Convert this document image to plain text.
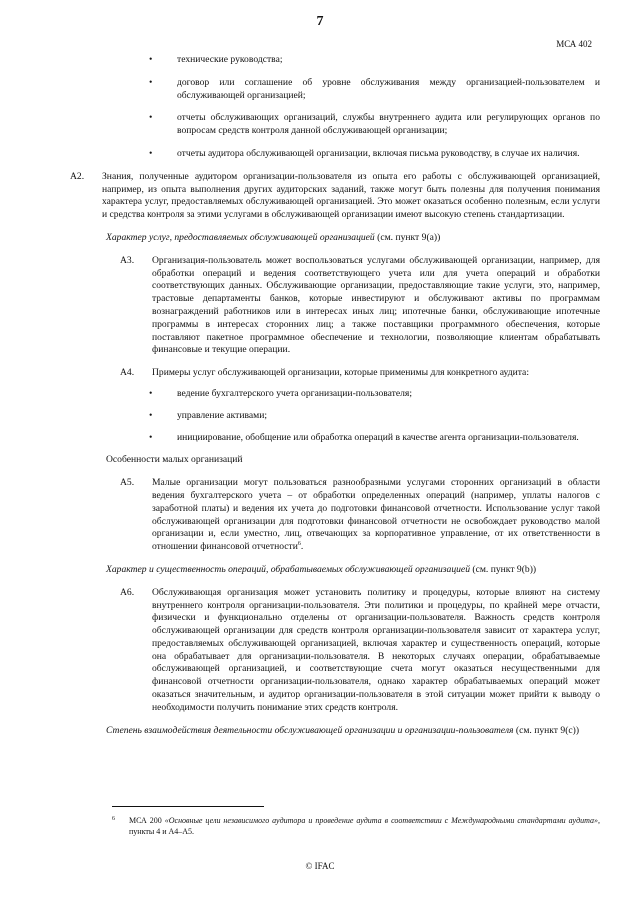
7
МСА 402
•	технические руководства;
•	договор или соглашение об уровне обслуживания между организацией-пользователем и обслуживающей организацией;
•	отчеты обслуживающих организаций, службы внутреннего аудита или регулирующих органов по вопросам средств контроля данной обслуживающей организации;
•	отчеты аудитора обслуживающей организации, включая письма руководству, в случае их наличия.
A2.	Знания, полученные аудитором организации-пользователя из опыта его работы с обслуживающей организацией, например, из опыта выполнения других аудиторских заданий, также могут быть полезны для получения понимания характера услуг, предоставляемых обслуживающей организацией. Это может оказаться особенно полезным, если услуги и средства контроля за этими услугами в обслуживающей организации имеют высокую степень стандартизации.
Характер услуг, предоставляемых обслуживающей организацией (см. пункт 9(a))
A3.	Организация-пользователь может воспользоваться услугами обслуживающей организации, например, для обработки операций и ведения соответствующего учета или для учета операций и обработки соответствующих данных. Обслуживающие организации, предоставляющие такие услуги, это, например, трастовые департаменты банков, которые инвестируют и обслуживают активы по программам вознаграждений работников или в интересах иных лиц; ипотечные банки, обслуживающие ипотечные программы в интересах сторонних лиц; а также поставщики программного обеспечения, которые поставляют пакетное программное обеспечение и технологии, позволяющие клиентам обрабатывать финансовые и текущие операции.
A4.	Примеры услуг обслуживающей организации, которые применимы для конкретного аудита:
•	ведение бухгалтерского учета организации-пользователя;
•	управление активами;
•	инициирование, обобщение или обработка операций в качестве агента организации-пользователя.
Особенности малых организаций
A5.	Малые организации могут пользоваться разнообразными услугами сторонних организаций в области ведения бухгалтерского учета – от обработки определенных операций (например, уплаты налогов с заработной платы) и ведения их учета до подготовки финансовой отчетности. Использование услуг такой обслуживающей организации для подготовки финансовой отчетности не освобождает руководство малой организации и, если уместно, лиц, отвечающих за корпоративное управление, от их ответственности в отношении финансовой отчетности$^6$.
Характер и существенность операций, обрабатываемых обслуживающей организацией (см. пункт 9(b))
A6.	Обслуживающая организация может установить политику и процедуры, которые влияют на систему внутреннего контроля организации-пользователя. Эти политики и процедуры, по крайней мере отчасти, физически и функционально отделены от организации-пользователя. Важность средств контроля обслуживающей организации для средств контроля организации-пользователя зависит от характера услуг, предоставляемых обслуживающей организацией, включая характер и существенность операций, которые она обрабатывает для организации-пользователя. В некоторых случаях операции, обрабатываемые обслуживающей организацией, и соответствующие счета могут оказаться несущественными для финансовой отчетности организации-пользователя, однако характер обрабатываемых операций может оказаться значительным, и аудитор организации-пользователя в этой ситуации может прийти к выводу о необходимости получить понимание этих средств контроля.
Степень взаимодействия деятельности обслуживающей организации и организации-пользователя (см. пункт 9(c))
6	МСА 200 «Основные цели независимого аудитора и проведение аудита в соответствии с Международными стандартами аудита», пункты 4 и А4–А5.
© IFAC
